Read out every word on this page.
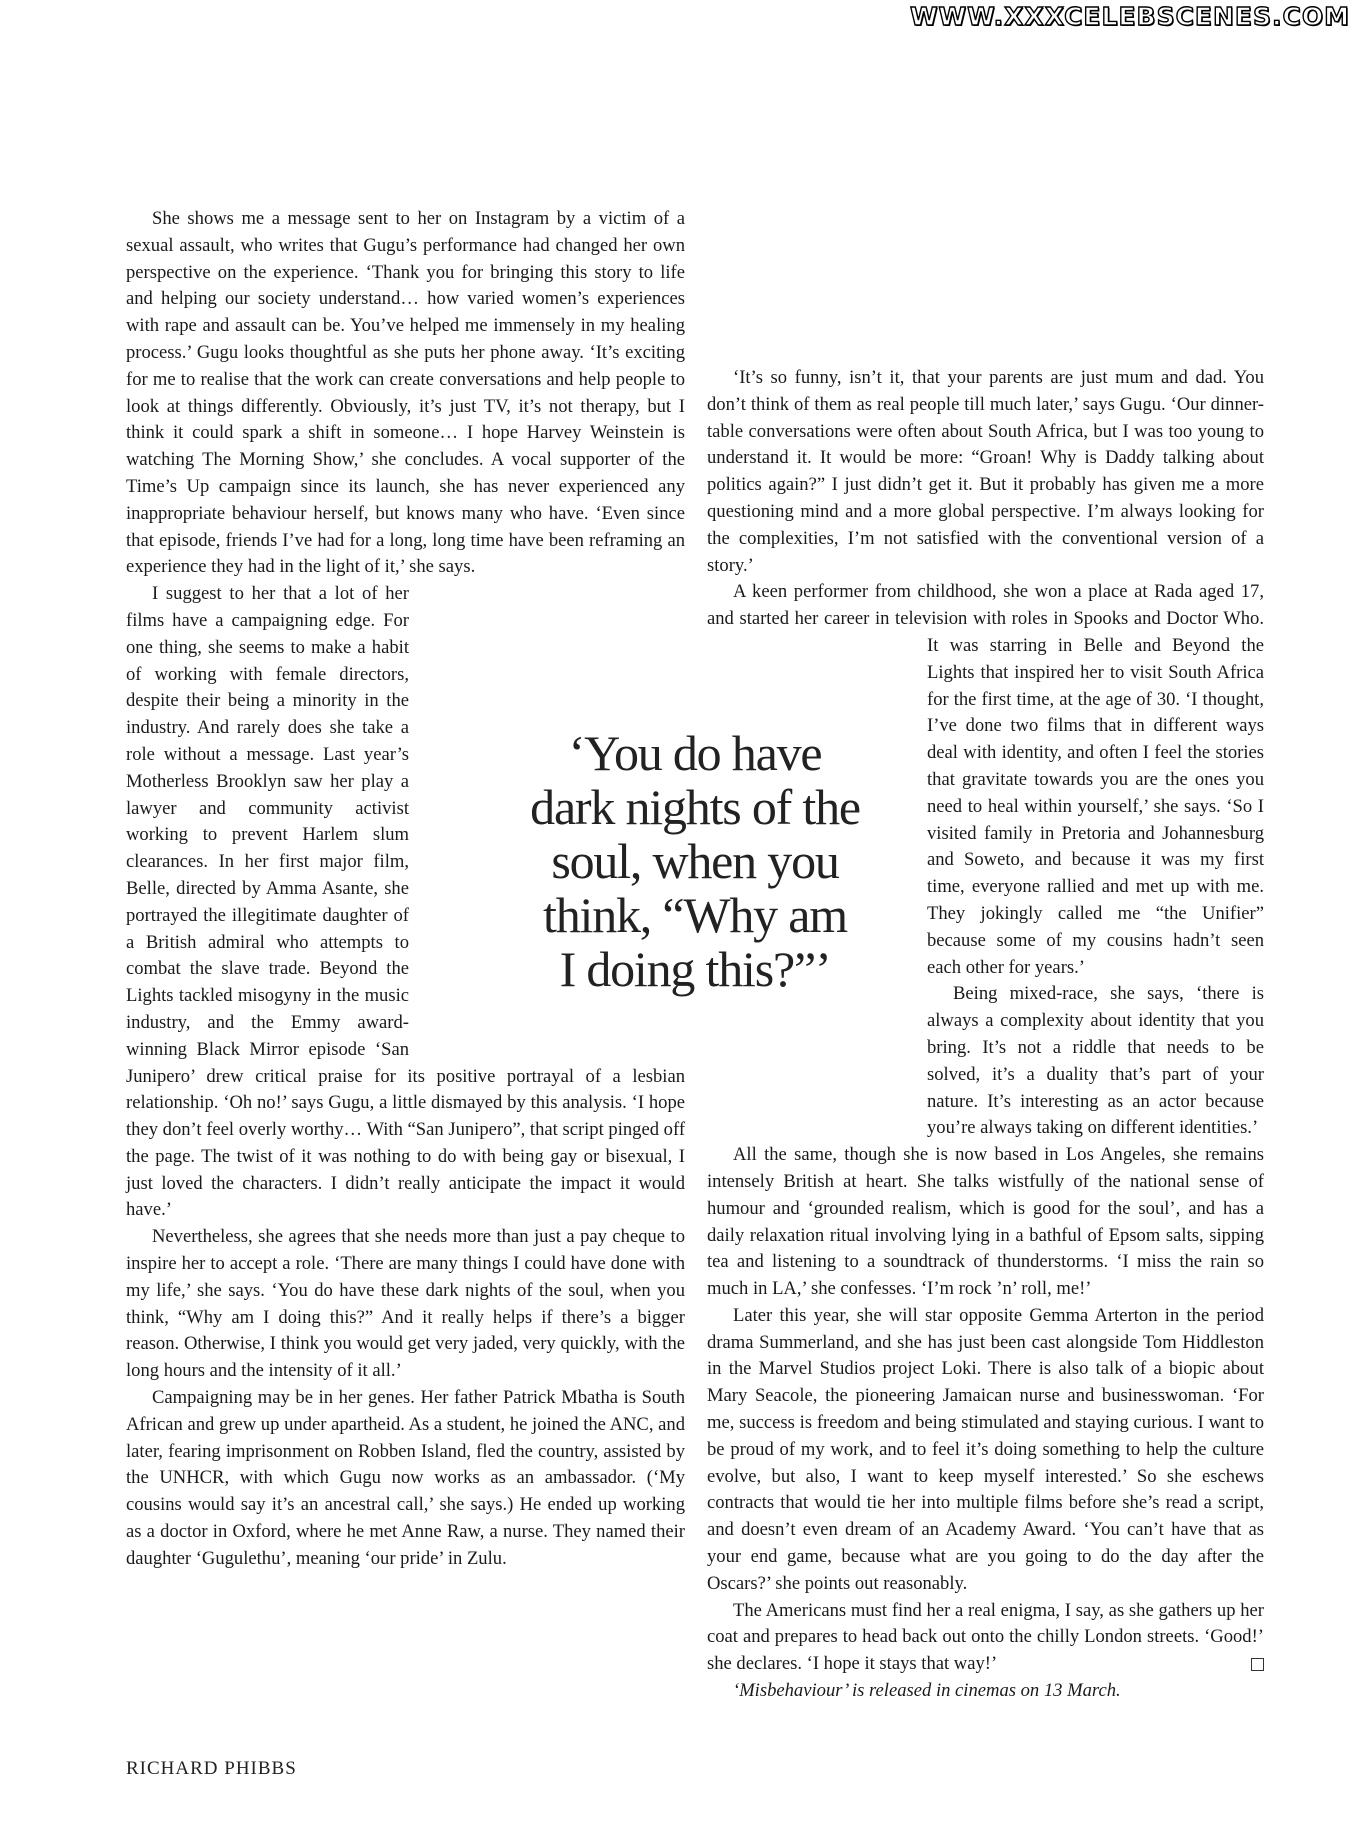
WWW.XXXCELEBSCENES.COM

She shows me a message sent to her on Instagram by a victim of a sexual assault, who writes that Gugu’s performance had changed her own perspective on the experience. ‘Thank you for bringing this story to life and helping our society understand… how varied women’s experiences with rape and assault can be. You’ve helped me immensely in my healing process.’ Gugu looks thoughtful as she puts her phone away. ‘It’s exciting for me to realise that the work can create conversations and help people to look at things differently. Obviously, it’s just TV, it’s not therapy, but I think it could spark a shift in someone… I hope Harvey Weinstein is watching The Morning Show,’ she concludes. A vocal supporter of the Time’s Up campaign since its launch, she has never experienced any inappropriate behaviour herself, but knows many who have. ‘Even since that episode, friends I’ve had for a long, long time have been reframing an experience they had in the light of it,’ she says.

I suggest to her that a lot of her films have a campaigning edge. For one thing, she seems to make a habit of working with female directors, despite their being a minority in the industry. And rarely does she take a role without a message. Last year’s Motherless Brooklyn saw her play a lawyer and community activist working to prevent Harlem slum clearances. In her first major film, Belle, directed by Amma Asante, she portrayed the illegitimate daughter of a British admiral who attempts to combat the slave trade. Beyond the Lights tackled misogyny in the music industry, and the Emmy award-winning Black Mirror episode ‘San Junipero’ drew critical praise for its positive portrayal of a lesbian relationship. ‘Oh no!’ says Gugu, a little dismayed by this analysis. ‘I hope they don’t feel overly worthy… With “San Junipero”, that script pinged off the page. The twist of it was nothing to do with being gay or bisexual, I just loved the characters. I didn’t really anticipate the impact it would have.’

Nevertheless, she agrees that she needs more than just a pay cheque to inspire her to accept a role. ‘There are many things I could have done with my life,’ she says. ‘You do have these dark nights of the soul, when you think, “Why am I doing this?” And it really helps if there’s a bigger reason. Otherwise, I think you would get very jaded, very quickly, with the long hours and the intensity of it all.’

Campaigning may be in her genes. Her father Patrick Mbatha is South African and grew up under apartheid. As a student, he joined the ANC, and later, fearing imprisonment on Robben Island, fled the country, assisted by the UNHCR, with which Gugu now works as an ambassador. (‘My cousins would say it’s an ancestral call,’ she says.) He ended up working as a doctor in Oxford, where he met Anne Raw, a nurse. They named their daughter ‘Gugulethu’, meaning ‘our pride’ in Zulu.

‘You do have dark nights of the soul, when you think, “Why am I doing this?”’

‘It’s so funny, isn’t it, that your parents are just mum and dad. You don’t think of them as real people till much later,’ says Gugu. ‘Our dinner-table conversations were often about South Africa, but I was too young to understand it. It would be more: “Groan! Why is Daddy talking about politics again?” I just didn’t get it. But it probably has given me a more questioning mind and a more global perspective. I’m always looking for the complexities, I’m not satisfied with the conventional version of a story.’

A keen performer from childhood, she won a place at Rada aged 17, and started her career in television with roles in Spooks and Doctor Who. It was starring in Belle and Beyond the Lights that inspired her to visit South Africa for the first time, at the age of 30. ‘I thought, I’ve done two films that in different ways deal with identity, and often I feel the stories that gravitate towards you are the ones you need to heal within yourself,’ she says. ‘So I visited family in Pretoria and Johannesburg and Soweto, and because it was my first time, everyone rallied and met up with me. They jokingly called me “the Unifier” because some of my cousins hadn’t seen each other for years.’

Being mixed-race, she says, ‘there is always a complexity about identity that you bring. It’s not a riddle that needs to be solved, it’s a duality that’s part of your nature. It’s interesting as an actor because you’re always taking on different identities.’

All the same, though she is now based in Los Angeles, she remains intensely British at heart. She talks wistfully of the national sense of humour and ‘grounded realism, which is good for the soul’, and has a daily relaxation ritual involving lying in a bathful of Epsom salts, sipping tea and listening to a soundtrack of thunderstorms. ‘I miss the rain so much in LA,’ she confesses. ‘I’m rock ’n’ roll, me!’

Later this year, she will star opposite Gemma Arterton in the period drama Summerland, and she has just been cast alongside Tom Hiddleston in the Marvel Studios project Loki. There is also talk of a biopic about Mary Seacole, the pioneering Jamaican nurse and businesswoman. ‘For me, success is freedom and being stimulated and staying curious. I want to be proud of my work, and to feel it’s doing something to help the culture evolve, but also, I want to keep myself interested.’ So she eschews contracts that would tie her into multiple films before she’s read a script, and doesn’t even dream of an Academy Award. ‘You can’t have that as your end game, because what are you going to do the day after the Oscars?’ she points out reasonably.

The Americans must find her a real enigma, I say, as she gathers up her coat and prepares to head back out onto the chilly London streets. ‘Good!’ she declares. ‘I hope it stays that way!’

‘Misbehaviour’ is released in cinemas on 13 March.

RICHARD PHIBBS
